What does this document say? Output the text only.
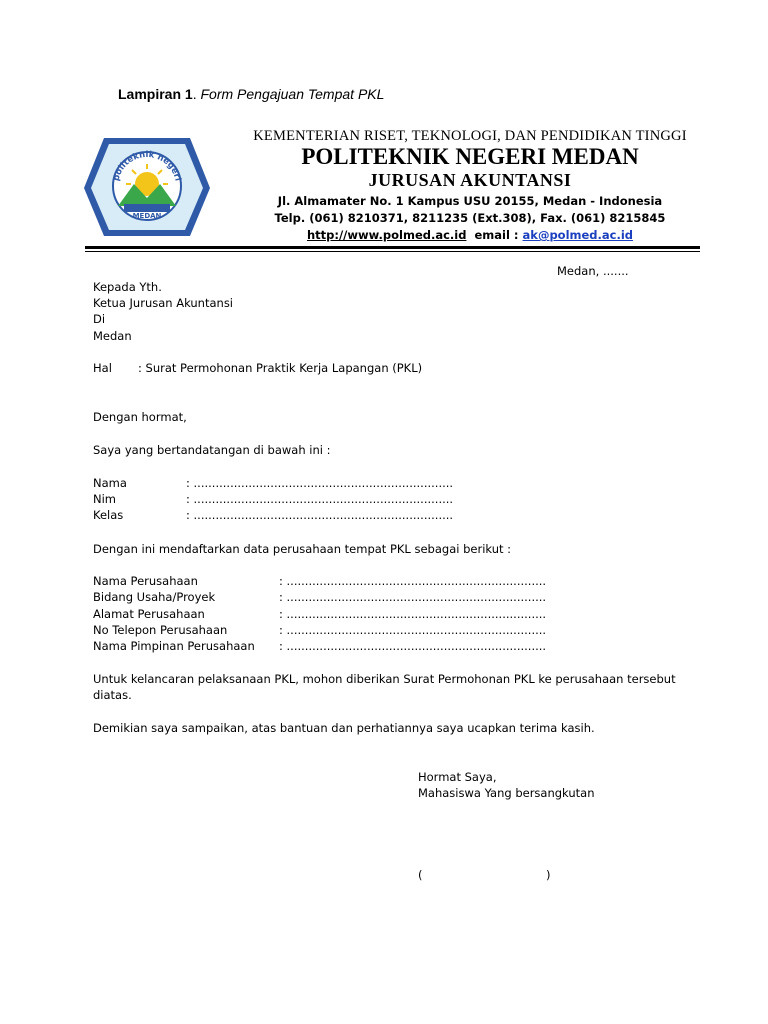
Lampiran 1. Form Pengajuan Tempat PKL
MEDAN
politeknik negeri
KEMENTERIAN RISET, TEKNOLOGI, DAN PENDIDIKAN TINGGI
POLITEKNIK NEGERI MEDAN
JURUSAN AKUNTANSI
Jl. Almamater No. 1 Kampus USU 20155, Medan - Indonesia
Telp. (061) 8210371, 8211235 (Ext.308), Fax. (061) 8215845
http://www.polmed.ac.id email : ak@polmed.ac.id
Medan, .......
Kepada Yth.
Ketua Jurusan Akuntansi
Di
Medan
Hal : Surat Permohonan Praktik Kerja Lapangan (PKL)
Dengan hormat,
Saya yang bertandatangan di bawah ini :
Nama	: .......................................................................
Nim	: .......................................................................
Kelas	: .......................................................................
Dengan ini mendaftarkan data perusahaan tempat PKL sebagai berikut :
Nama Perusahaan	: .......................................................................
Bidang Usaha/Proyek	: .......................................................................
Alamat Perusahaan	: .......................................................................
No Telepon Perusahaan	: .......................................................................
Nama Pimpinan Perusahaan : .......................................................................
Untuk kelancaran pelaksanaan PKL, mohon diberikan Surat Permohonan PKL ke perusahaan tersebut
diatas.
Demikian saya sampaikan, atas bantuan dan perhatiannya saya ucapkan terima kasih.
Hormat Saya,
Mahasiswa Yang bersangkutan
(	)
